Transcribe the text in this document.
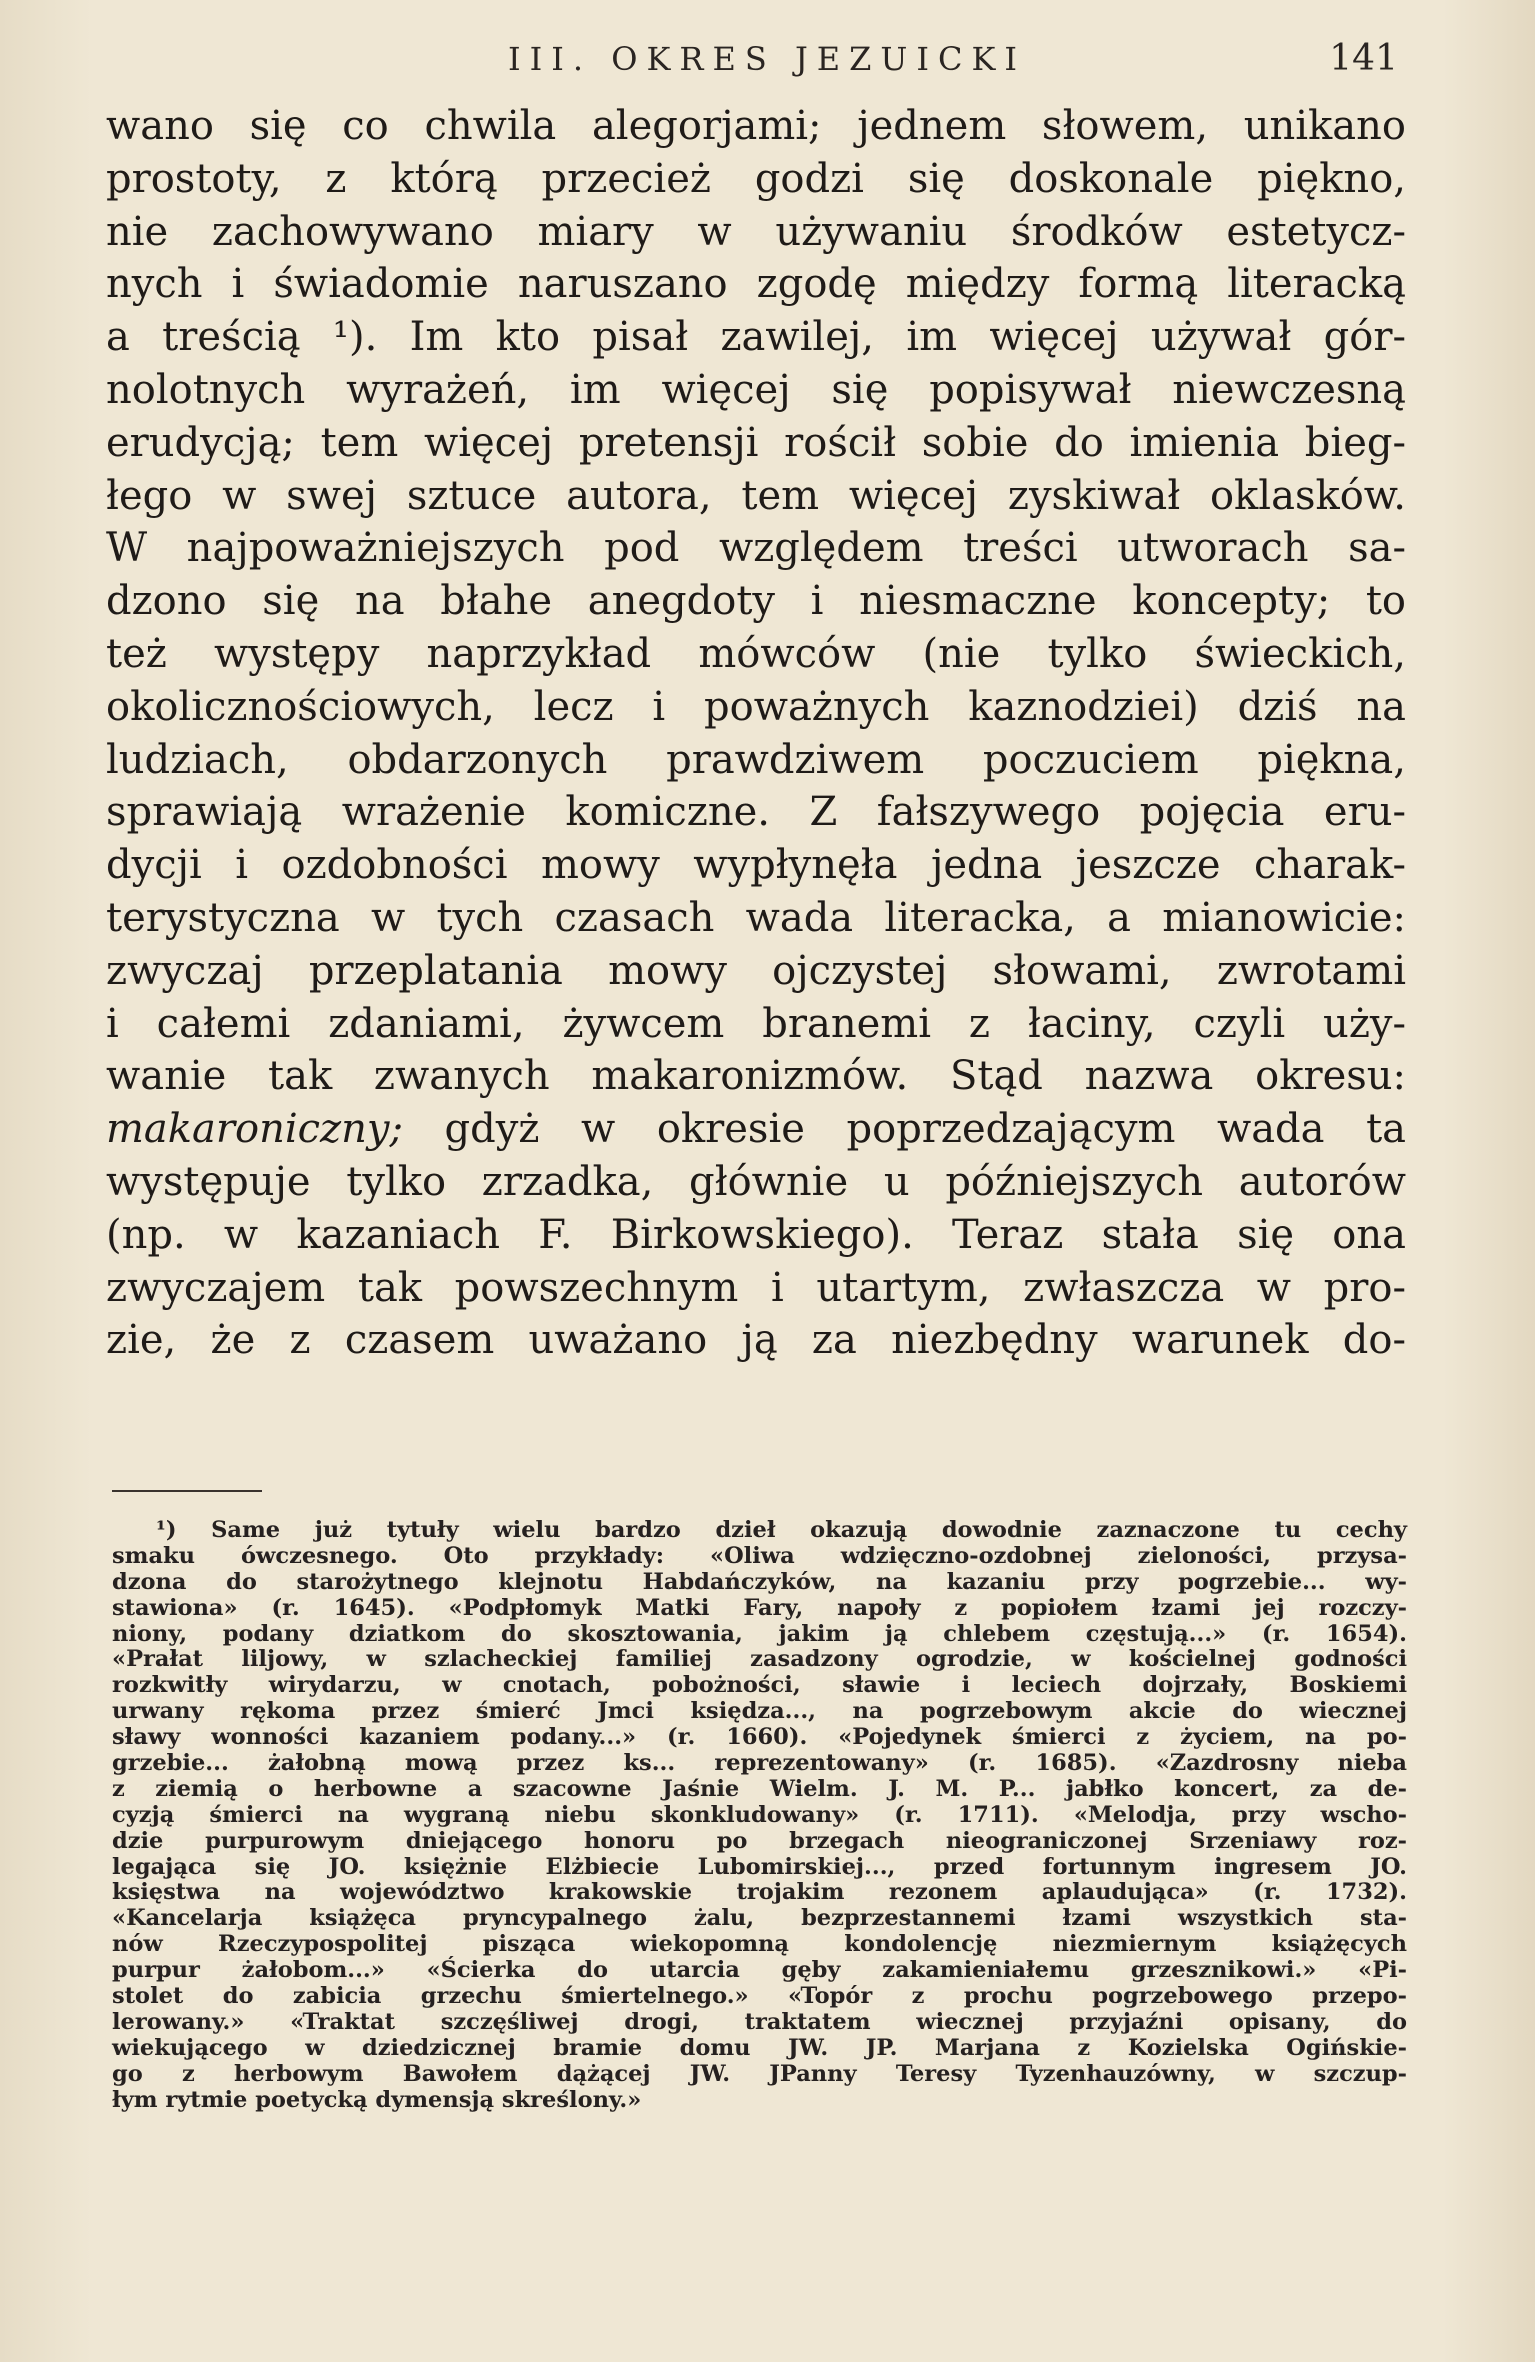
III. OKRES JEZUICKI	141
wano się co chwila alegorjami; jednem słowem, unikano
prostoty, z którą przecież godzi się doskonale piękno,
nie zachowywano miary w używaniu środków estetycz-
nych i świadomie naruszano zgodę między formą literacką
a treścią ¹). Im kto pisał zawilej, im więcej używał gór-
nolotnych wyrażeń, im więcej się popisywał niewczesną
erudycją; tem więcej pretensji rościł sobie do imienia bieg-
łego w swej sztuce autora, tem więcej zyskiwał oklasków.
W najpoważniejszych pod względem treści utworach sa-
dzono się na błahe anegdoty i niesmaczne koncepty; to
też występy naprzykład mówców (nie tylko świeckich,
okolicznościowych, lecz i poważnych kaznodziei) dziś na
ludziach, obdarzonych prawdziwem poczuciem piękna,
sprawiają wrażenie komiczne. Z fałszywego pojęcia eru-
dycji i ozdobności mowy wypłynęła jedna jeszcze charak-
terystyczna w tych czasach wada literacka, a mianowicie:
zwyczaj przeplatania mowy ojczystej słowami, zwrotami
i całemi zdaniami, żywcem branemi z łaciny, czyli uży-
wanie tak zwanych makaronizmów. Stąd nazwa okresu:
makaroniczny; gdyż w okresie poprzedzającym wada ta
występuje tylko zrzadka, głównie u późniejszych autorów
(np. w kazaniach F. Birkowskiego). Teraz stała się ona
zwyczajem tak powszechnym i utartym, zwłaszcza w pro-
zie, że z czasem uważano ją za niezbędny warunek do-
¹) Same już tytuły wielu bardzo dzieł okazują dowodnie zaznaczone tu cechy
smaku ówczesnego. Oto przykłady: «Oliwa wdzięczno-ozdobnej zieloności, przysa-
dzona do starożytnego klejnotu Habdańczyków, na kazaniu przy pogrzebie... wy-
stawiona» (r. 1645). «Podpłomyk Matki Fary, napoły z popiołem łzami jej rozczy-
niony, podany dziatkom do skosztowania, jakim ją chlebem częstują...» (r. 1654).
«Prałat liljowy, w szlacheckiej familiej zasadzony ogrodzie, w kościelnej godności
rozkwitły wirydarzu, w cnotach, pobożności, sławie i leciech dojrzały, Boskiemi
urwany rękoma przez śmierć Jmci księdza..., na pogrzebowym akcie do wiecznej
sławy wonności kazaniem podany...» (r. 1660). «Pojedynek śmierci z życiem, na po-
grzebie... żałobną mową przez ks... reprezentowany» (r. 1685). «Zazdrosny nieba
z ziemią o herbowne a szacowne Jaśnie Wielm. J. M. P... jabłko koncert, za de-
cyzją śmierci na wygraną niebu skonkludowany» (r. 1711). «Melodja, przy wscho-
dzie purpurowym dniejącego honoru po brzegach nieograniczonej Srzeniawy roz-
legająca się JO. księżnie Elżbiecie Lubomirskiej..., przed fortunnym ingresem JO.
księstwa na województwo krakowskie trojakim rezonem aplaudująca» (r. 1732).
«Kancelarja książęca pryncypalnego żalu, bezprzestannemi łzami wszystkich sta-
nów Rzeczypospolitej pisząca wiekopomną kondolencję niezmiernym książęcych
purpur żałobom...» «Ścierka do utarcia gęby zakamieniałemu grzesznikowi.» «Pi-
stolet do zabicia grzechu śmiertelnego.» «Topór z prochu pogrzebowego przepo-
lerowany.» «Traktat szczęśliwej drogi, traktatem wiecznej przyjaźni opisany, do
wiekującego w dziedzicznej bramie domu JW. JP. Marjana z Kozielska Ogińskie-
go z herbowym Bawołem dążącej JW. JPanny Teresy Tyzenhauzówny, w szczup-
łym rytmie poetycką dymensją skreślony.»
